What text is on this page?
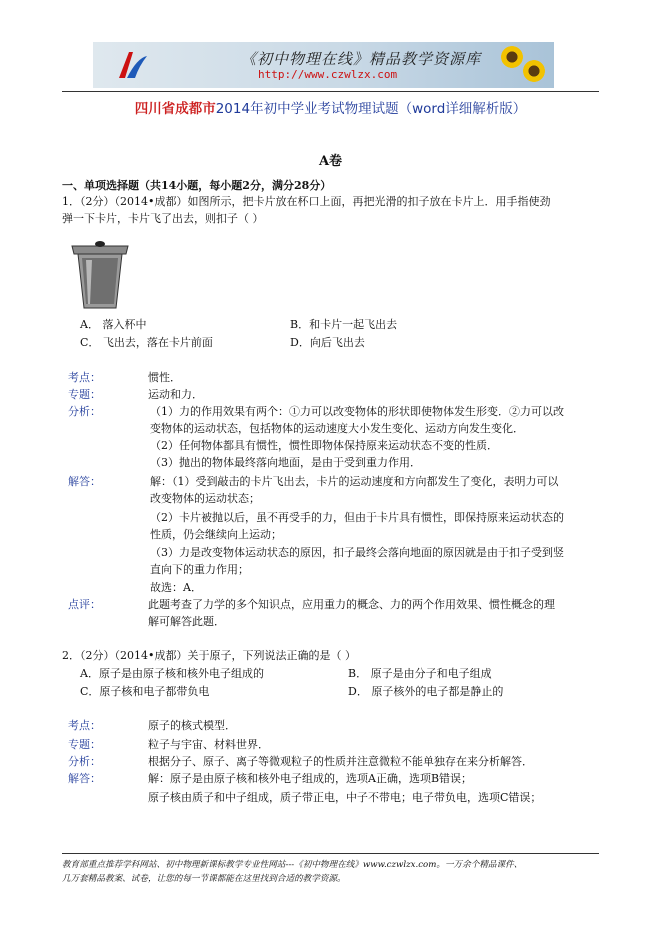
《初中物理在线》精品教学资源库
http://www.czwlzx.com
四川省成都市2014年初中学业考试物理试题（word详细解析版）
A卷
一、单项选择题（共14小题，每小题2分，满分28分）
1．（2分）（2014•成都）如图所示，把卡片放在杯口上面，再把光滑的扣子放在卡片上．用手指使劲
弹一下卡片，卡片飞了出去，则扣子（ ）
A． 落入杯中	B．和卡片一起飞出去
C． 飞出去，落在卡片前面	D．向后飞出去
考点：	惯性．
专题：	运动和力．
分析：	（1）力的作用效果有两个：①力可以改变物体的形状即使物体发生形变．②力可以改
变物体的运动状态，包括物体的运动速度大小发生变化、运动方向发生变化．
（2）任何物体都具有惯性，惯性即物体保持原来运动状态不变的性质．
（3）抛出的物体最终落向地面，是由于受到重力作用．
解答：	解：（1）受到敲击的卡片飞出去，卡片的运动速度和方向都发生了变化，表明力可以
改变物体的运动状态；
（2）卡片被抛以后，虽不再受手的力，但由于卡片具有惯性，即保持原来运动状态的
性质，仍会继续向上运动；
（3）力是改变物体运动状态的原因，扣子最终会落向地面的原因就是由于扣子受到竖
直向下的重力作用；
故选：A．
点评：	此题考查了力学的多个知识点，应用重力的概念、力的两个作用效果、惯性概念的理
解可解答此题．
2．（2分）（2014•成都）关于原子，下列说法正确的是（ ）
A．原子是由原子核和核外电子组成的	B． 原子是由分子和电子组成
C．原子核和电子都带负电	D． 原子核外的电子都是静止的
考点：	原子的核式模型．
专题：	粒子与宇宙、材料世界．
分析：	根据分子、原子、离子等微观粒子的性质并注意微粒不能单独存在来分析解答．
解答：	解：原子是由原子核和核外电子组成的，选项A正确，选项B错误；
原子核由质子和中子组成，质子带正电，中子不带电；电子带负电，选项C错误；
教育部重点推荐学科网站、初中物理新课标教学专业性网站---《初中物理在线》www.czwlzx.com。一万余个精品课件、
几万套精品教案、试卷，让您的每一节课都能在这里找到合适的教学资源。
